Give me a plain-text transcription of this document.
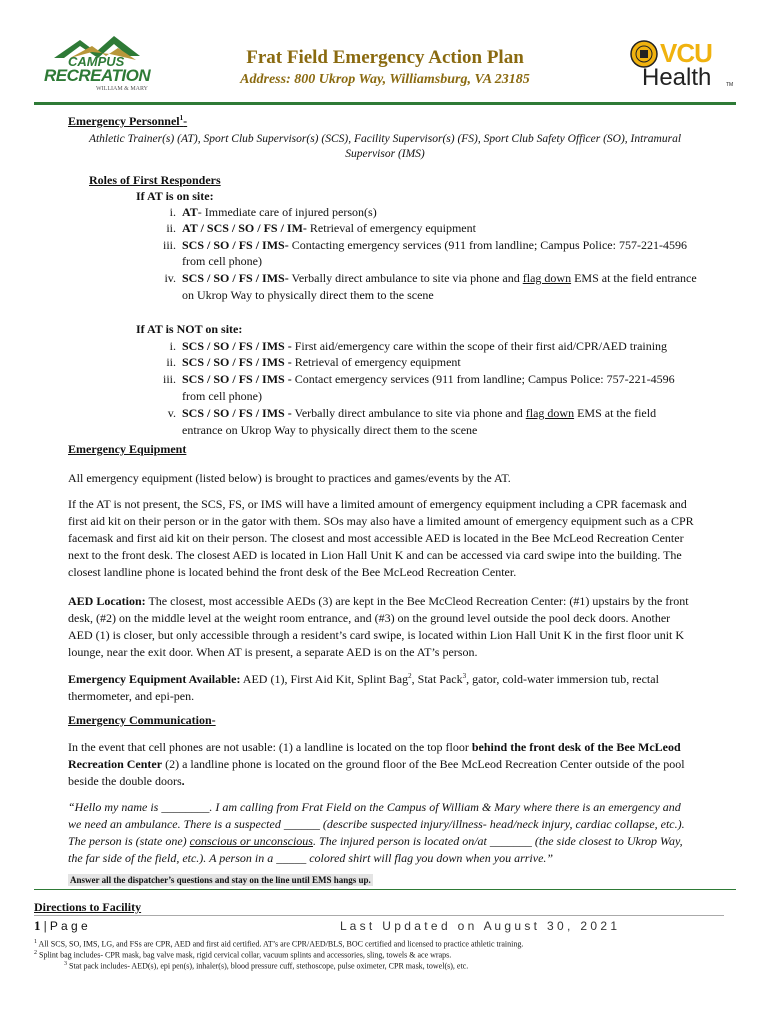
CAMPUS
RECREATION
WILLIAM & MARY
Frat Field Emergency Action Plan
Address: 800 Ukrop Way, Williamsburg, VA 23185
VCU
Health	TM
Emergency Personnel$^1$-
Athletic Trainer(s) (AT), Sport Club Supervisor(s) (SCS), Facility Supervisor(s) (FS), Sport Club Safety Officer (SO), Intramural
Supervisor (IMS)
Roles of First Responders
If AT is on site:
i. AT- Immediate care of injured person(s)
ii. AT / SCS / SO / FS / IM- Retrieval of emergency equipment
iii. SCS / SO / FS / IMS- Contacting emergency services (911 from landline; Campus Police: 757-221-4596
from cell phone)
iv. SCS / SO / FS / IMS- Verbally direct ambulance to site via phone and flag down EMS at the field entrance
on Ukrop Way to physically direct them to the scene
If AT is NOT on site:
i. SCS / SO / FS / IMS - First aid/emergency care within the scope of their first aid/CPR/AED training
ii. SCS / SO / FS / IMS - Retrieval of emergency equipment
iii. SCS / SO / FS / IMS - Contact emergency services (911 from landline; Campus Police: 757-221-4596
from cell phone)
v. SCS / SO / FS / IMS - Verbally direct ambulance to site via phone and flag down EMS at the field
entrance on Ukrop Way to physically direct them to the scene
Emergency Equipment
All emergency equipment (listed below) is brought to practices and games/events by the AT.
If the AT is not present, the SCS, FS, or IMS will have a limited amount of emergency equipment including a CPR facemask and
first aid kit on their person or in the gator with them. SOs may also have a limited amount of emergency equipment such as a CPR
facemask and first aid kit on their person. The closest and most accessible AED is located in the Bee McLeod Recreation Center
next to the front desk. The closest AED is located in Lion Hall Unit K and can be accessed via card swipe into the building. The
closest landline phone is located behind the front desk of the Bee McLeod Recreation Center.
AED Location: The closest, most accessible AEDs (3) are kept in the Bee McCleod Recreation Center: (#1) upstairs by the front
desk, (#2) on the middle level at the weight room entrance, and (#3) on the ground level outside the pool deck doors. Another
AED (1) is closer, but only accessible through a resident’s card swipe, is located within Lion Hall Unit K in the first floor unit K
lounge, near the exit door. When AT is present, a separate AED is on the AT’s person.
Emergency Equipment Available: AED (1), First Aid Kit, Splint Bag$^2$, Stat Pack$^3$, gator, cold-water immersion tub, rectal
thermometer, and epi-pen.
Emergency Communication-
In the event that cell phones are not usable: (1) a landline is located on the top floor behind the front desk of the Bee McLeod
Recreation Center (2) a landline phone is located on the ground floor of the Bee McLeod Recreation Center outside of the pool
beside the double doors.
“Hello my name is ________. I am calling from Frat Field on the Campus of William & Mary where there is an emergency and
we need an ambulance. There is a suspected ______ (describe suspected injury/illness- head/neck injury, cardiac collapse, etc.).
The person is (state one) conscious or unconscious. The injured person is located on/at _______ (the side closest to Ukrop Way,
the far side of the field, etc.). A person in a _____ colored shirt will flag you down when you arrive.”
Answer all the dispatcher’s questions and stay on the line until EMS hangs up.
Directions to Facility
1 | P a g e	L a s t   U p d a t e d   o n   A u g u s t   3 0 ,   2 0 2 1
$^1$ All SCS, SO, IMS, LG, and FSs are CPR, AED and first aid certified. AT’s are CPR/AED/BLS, BOC certified and licensed to practice athletic training.
$^2$ Splint bag includes- CPR mask, bag valve mask, rigid cervical collar, vacuum splints and accessories, sling, towels & ace wraps.
$^3$ Stat pack includes- AED(s), epi pen(s), inhaler(s), blood pressure cuff, stethoscope, pulse oximeter, CPR mask, towel(s), etc.
